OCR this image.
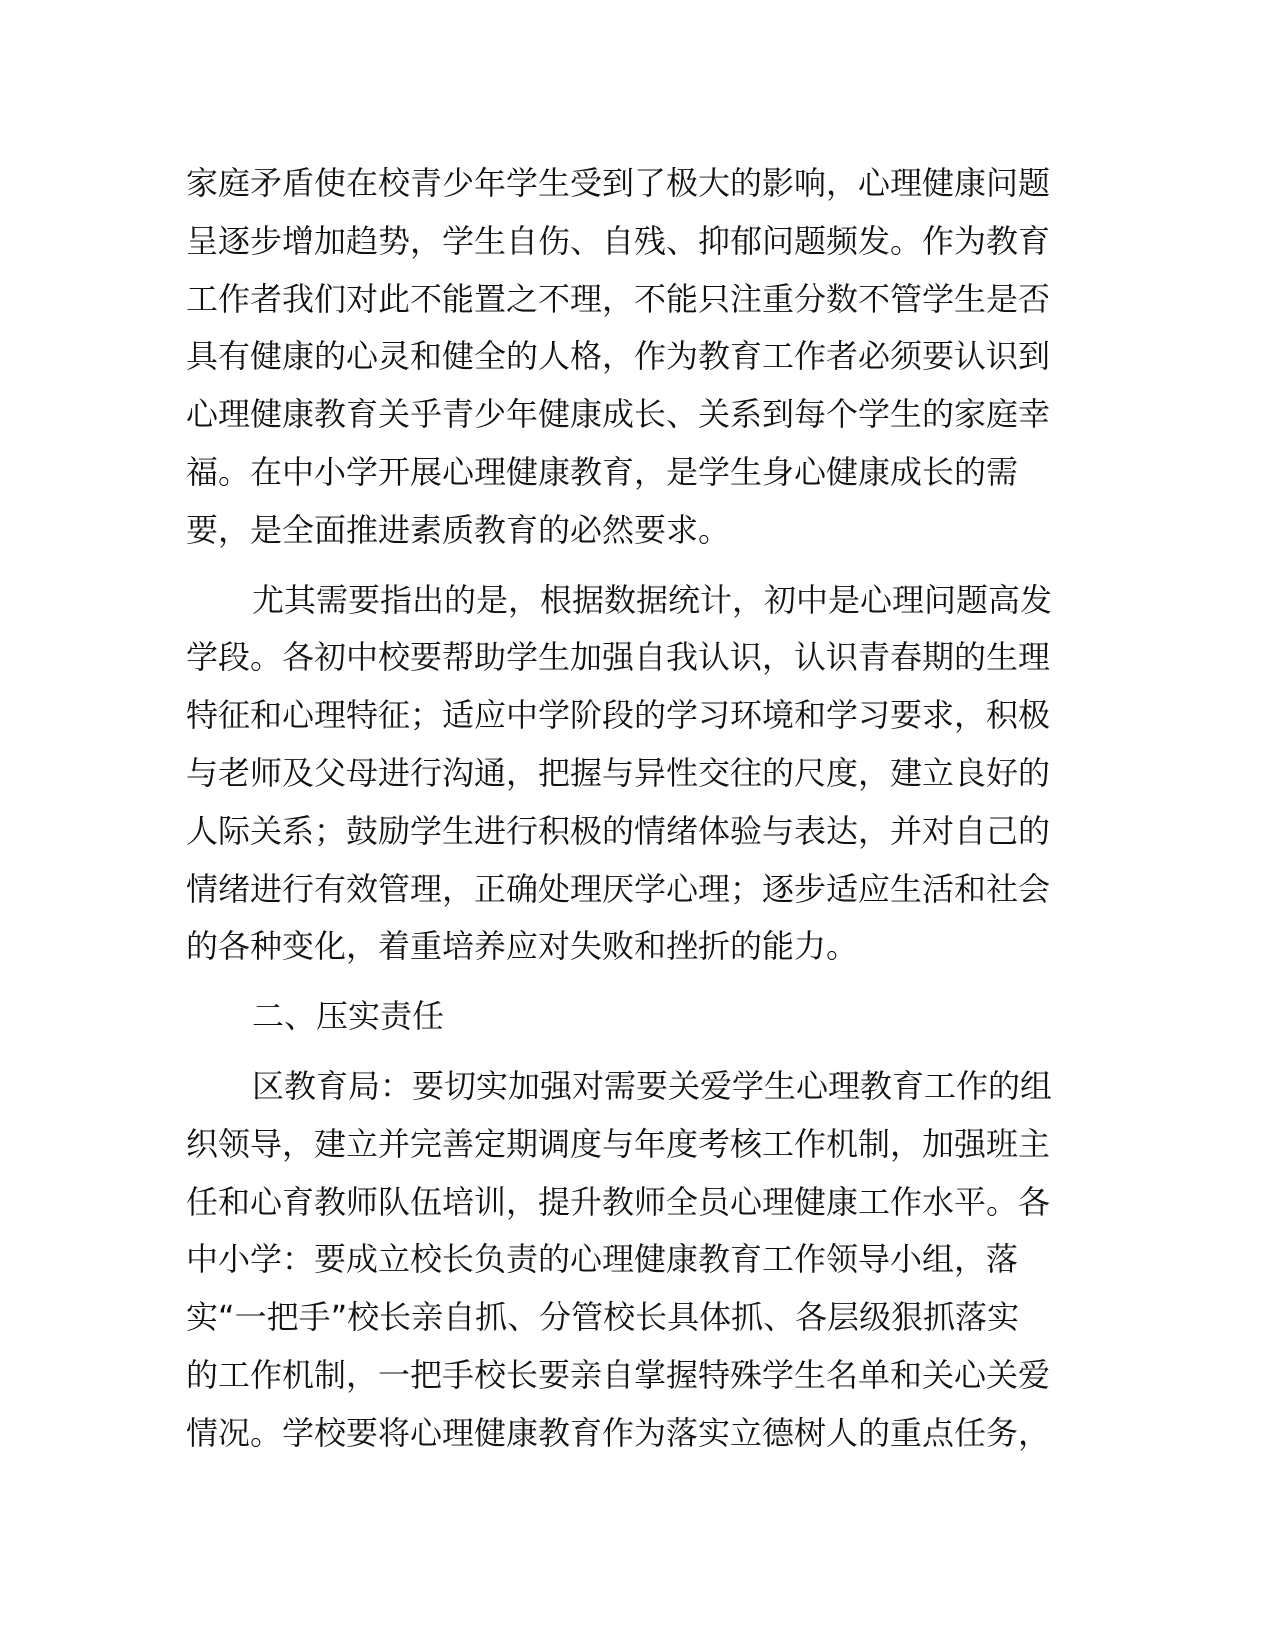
家庭矛盾使在校青少年学生受到了极大的影响，心理健康问题
呈逐步增加趋势，学生自伤、自残、抑郁问题频发。作为教育
工作者我们对此不能置之不理，不能只注重分数不管学生是否
具有健康的心灵和健全的人格，作为教育工作者必须要认识到
心理健康教育关乎青少年健康成长、关系到每个学生的家庭幸
福。在中小学开展心理健康教育，是学生身心健康成长的需
要，是全面推进素质教育的必然要求。
尤其需要指出的是，根据数据统计，初中是心理问题高发
学段。各初中校要帮助学生加强自我认识，认识青春期的生理
特征和心理特征；适应中学阶段的学习环境和学习要求，积极
与老师及父母进行沟通，把握与异性交往的尺度，建立良好的
人际关系；鼓励学生进行积极的情绪体验与表达，并对自己的
情绪进行有效管理，正确处理厌学心理；逐步适应生活和社会
的各种变化，着重培养应对失败和挫折的能力。
二、压实责任
区教育局：要切实加强对需要关爱学生心理教育工作的组
织领导，建立并完善定期调度与年度考核工作机制，加强班主
任和心育教师队伍培训，提升教师全员心理健康工作水平。各
中小学：要成立校长负责的心理健康教育工作领导小组，落
实“一把手”校长亲自抓、分管校长具体抓、各层级狠抓落实
的工作机制，一把手校长要亲自掌握特殊学生名单和关心关爱
情况。学校要将心理健康教育作为落实立德树人的重点任务，
